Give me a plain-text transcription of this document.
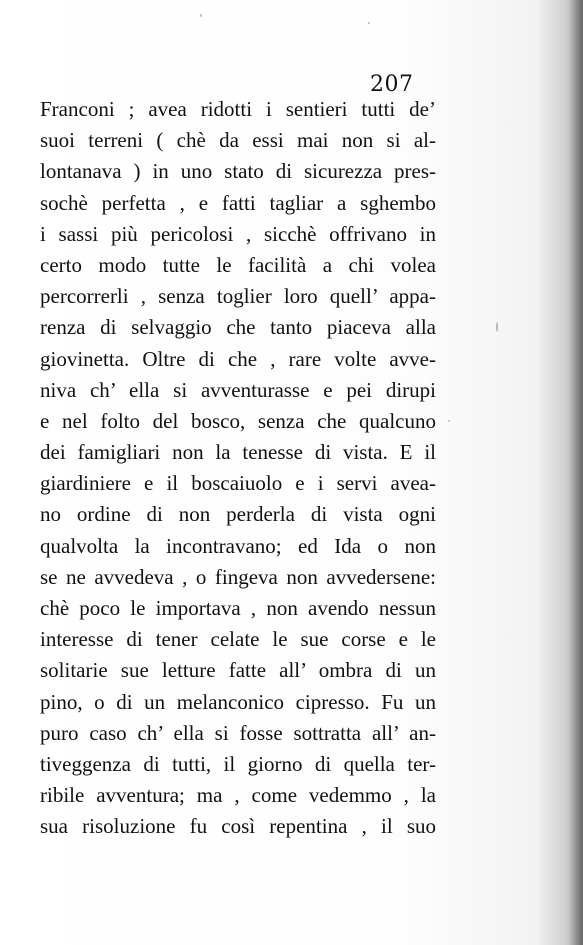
207
Franconi ; avea ridotti i sentieri tutti de’
suoi terreni ( chè da essi mai non si al-
lontanava ) in uno stato di sicurezza pres-
sochè perfetta , e fatti tagliar a sghembo
i sassi più pericolosi , sicchè offrivano in
certo modo tutte le facilità a chi volea
percorrerli , senza toglier loro quell’ appa-
renza di selvaggio che tanto piaceva alla
giovinetta. Oltre di che , rare volte avve-
niva ch’ ella si avventurasse e pei dirupi
e nel folto del bosco, senza che qualcuno
dei famigliari non la tenesse di vista. E il
giardiniere e il boscaiuolo e i servi avea-
no ordine di non perderla di vista ogni
qualvolta la incontravano; ed Ida o non
se ne avvedeva , o fingeva non avvedersene:
chè poco le importava , non avendo nessun
interesse di tener celate le sue corse e le
solitarie sue letture fatte all’ ombra di un
pino, o di un melanconico cipresso. Fu un
puro caso ch’ ella si fosse sottratta all’ an-
tiveggenza di tutti, il giorno di quella ter-
ribile avventura; ma , come vedemmo , la
sua risoluzione fu così repentina , il suo
